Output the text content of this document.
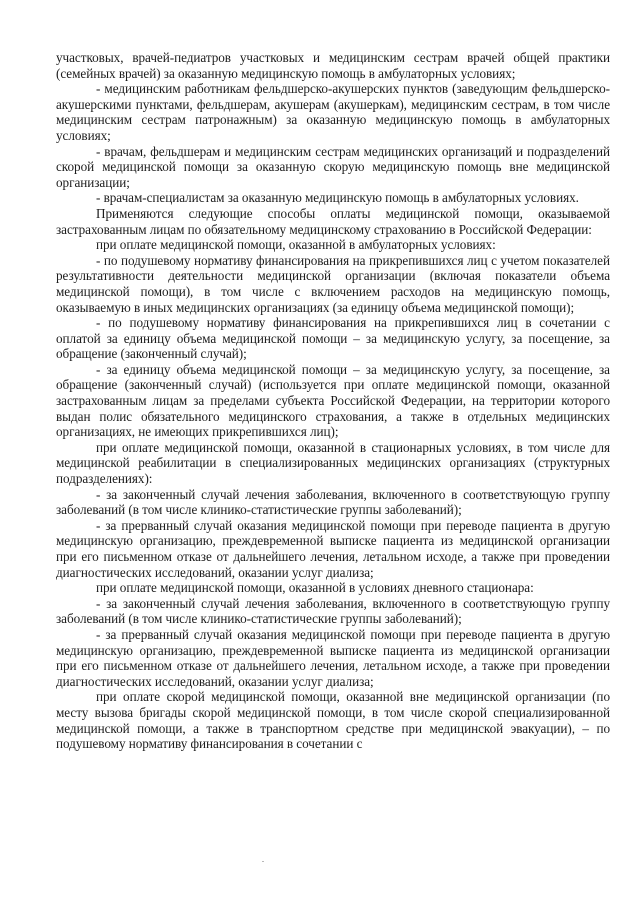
участковых, врачей-педиатров участковых и медицинским сестрам врачей общей практики (семейных врачей) за оказанную медицинскую помощь в амбулаторных условиях;

- медицинским работникам фельдшерско-акушерских пунктов (заведующим фельдшерско-акушерскими пунктами, фельдшерам, акушерам (акушеркам), медицинским сестрам, в том числе медицинским сестрам патронажным) за оказанную медицинскую помощь в амбулаторных условиях;

- врачам, фельдшерам и медицинским сестрам медицинских организаций и подразделений скорой медицинской помощи за оказанную скорую медицинскую помощь вне медицинской организации;

- врачам-специалистам за оказанную медицинскую помощь в амбулаторных условиях.

Применяются следующие способы оплаты медицинской помощи, оказываемой застрахованным лицам по обязательному медицинскому страхованию в Российской Федерации:

при оплате медицинской помощи, оказанной в амбулаторных условиях:

- по подушевому нормативу финансирования на прикрепившихся лиц с учетом показателей результативности деятельности медицинской организации (включая показатели объема медицинской помощи), в том числе с включением расходов на медицинскую помощь, оказываемую в иных медицинских организациях (за единицу объема медицинской помощи);

- по подушевому нормативу финансирования на прикрепившихся лиц в сочетании с оплатой за единицу объема медицинской помощи – за медицинскую услугу, за посещение, за обращение (законченный случай);

- за единицу объема медицинской помощи – за медицинскую услугу, за посещение, за обращение (законченный случай) (используется при оплате медицинской помощи, оказанной застрахованным лицам за пределами субъекта Российской Федерации, на территории которого выдан полис обязательного медицинского страхования, а также в отдельных медицинских организациях, не имеющих прикрепившихся лиц);

при оплате медицинской помощи, оказанной в стационарных условиях, в том числе для медицинской реабилитации в специализированных медицинских организациях (структурных подразделениях):

- за законченный случай лечения заболевания, включенного в соответствующую группу заболеваний (в том числе клинико-статистические группы заболеваний);

- за прерванный случай оказания медицинской помощи при переводе пациента в другую медицинскую организацию, преждевременной выписке пациента из медицинской организации при его письменном отказе от дальнейшего лечения, летальном исходе, а также при проведении диагностических исследований, оказании услуг диализа;

при оплате медицинской помощи, оказанной в условиях дневного стационара:

- за законченный случай лечения заболевания, включенного в соответствующую группу заболеваний (в том числе клинико-статистические группы заболеваний);

- за прерванный случай оказания медицинской помощи при переводе пациента в другую медицинскую организацию, преждевременной выписке пациента из медицинской организации при его письменном отказе от дальнейшего лечения, летальном исходе, а также при проведении диагностических исследований, оказании услуг диализа;

при оплате скорой медицинской помощи, оказанной вне медицинской организации (по месту вызова бригады скорой медицинской помощи, в том числе скорой специализированной медицинской помощи, а также в транспортном средстве при медицинской эвакуации), – по подушевому нормативу финансирования в сочетании с
